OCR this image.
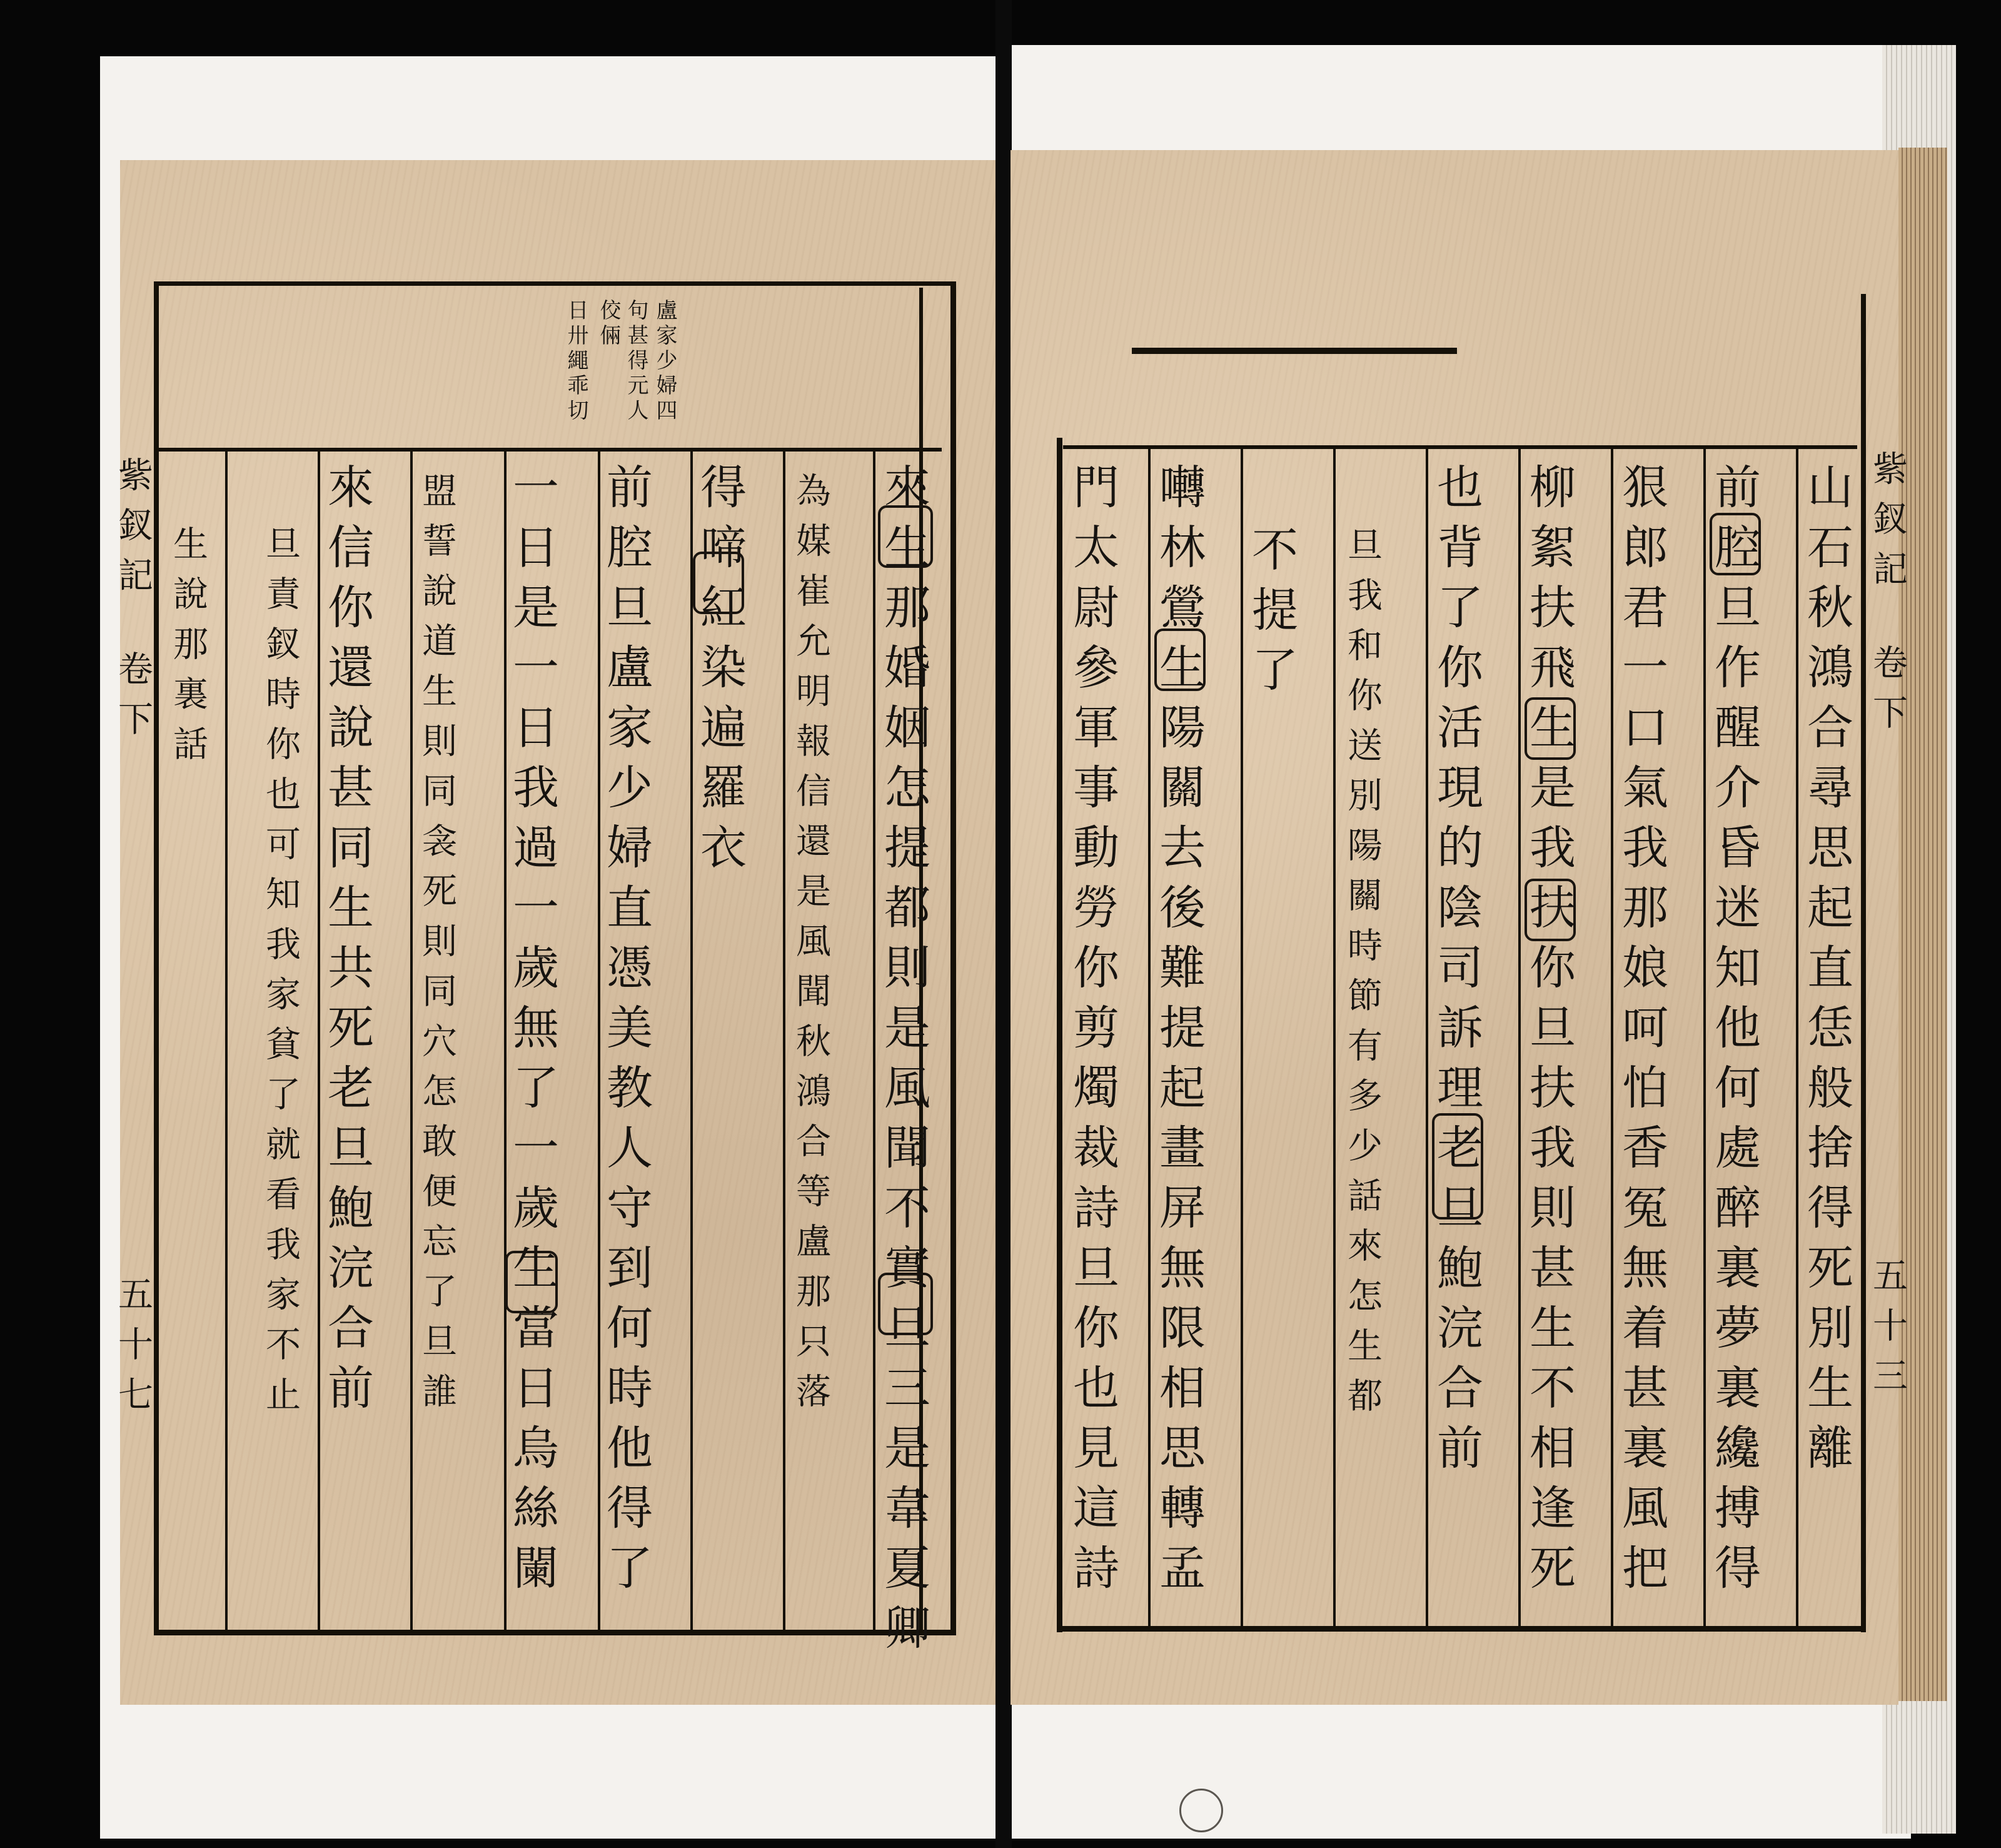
盧家少婦四
句甚得元人
佼倆
日卅繩乖切
紫釵記
卷下
五十七	來生那婚姻怎提都則是風聞不實旦三是韋夏卿
為媒崔允明報信還是風聞秋鴻合等盧那只落
得啼紅染遍羅衣
前腔旦盧家少婦直憑美教人守到何時他得了
一日是一日我過一歲無了一歲生當日烏絲闌
盟誓說道生則同衾死則同穴怎敢便忘了旦誰
來信你還說甚同生共死老旦鮑浣合前
旦責釵時你也可知我家貧了就看我家不止
生說那裏話	紫釵記
卷下
五十三
山石秋鴻合尋思起直恁般捨得死別生離
前腔旦作醒介昏迷知他何處醉裏夢裏纔搏得
狠郎君一口氣我那娘呵怕香冤無着甚裏風把
柳絮扶飛生是我扶你旦扶我則甚生不相逢死
也背了你活現的陰司訴理老旦鮑浣合前
旦我和你送別陽關時節有多少話來怎生都
不提了
囀林鶯生陽關去後難提起畫屏無限相思轉孟
門太尉參軍事動勞你剪燭裁詩旦你也見這詩
